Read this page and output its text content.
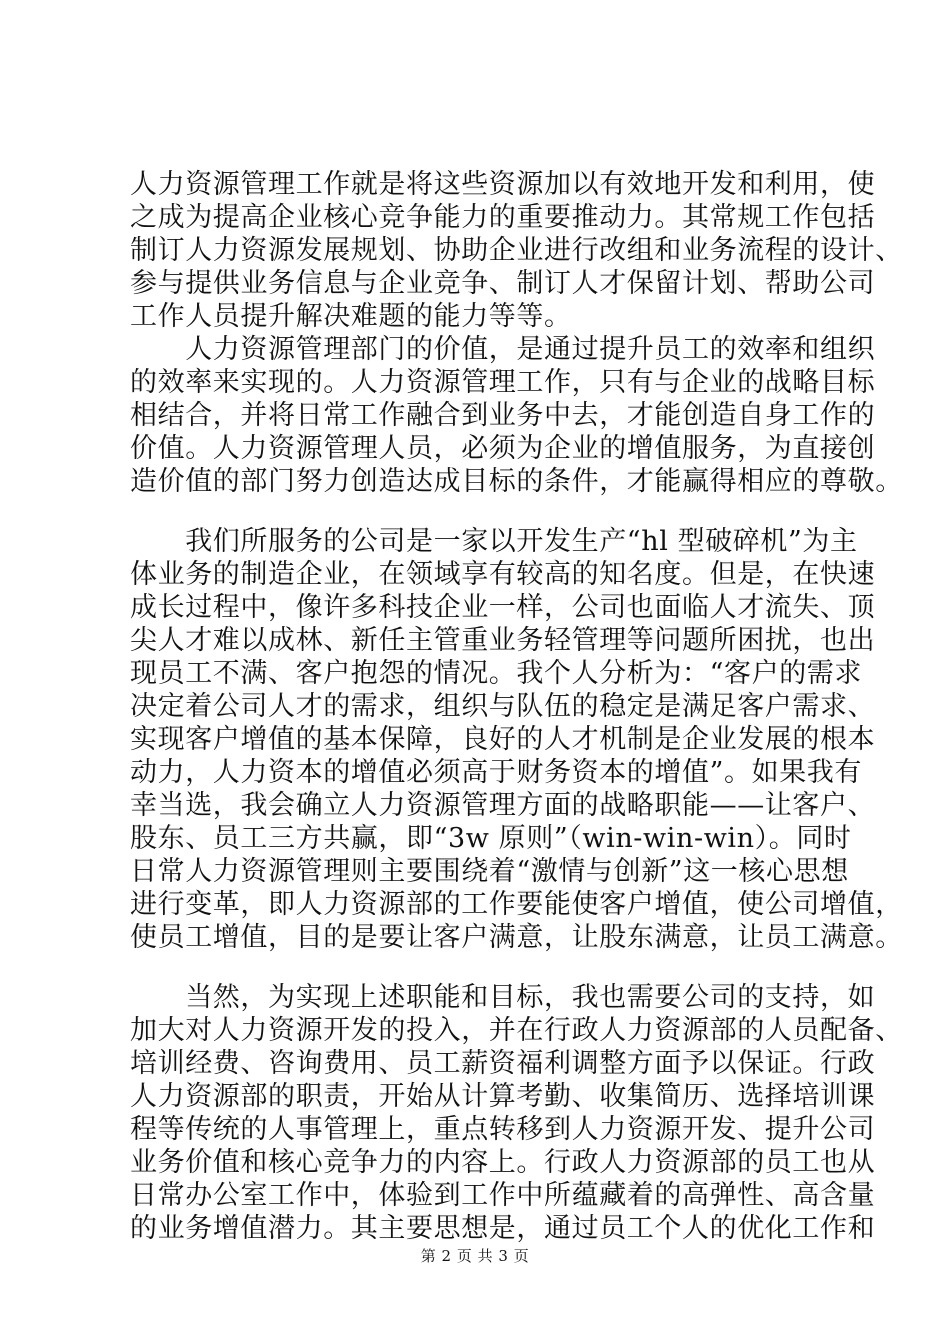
人力资源管理工作就是将这些资源加以有效地开发和利用，使
之成为提高企业核心竞争能力的重要推动力。其常规工作包括
制订人力资源发展规划、协助企业进行改组和业务流程的设计、
参与提供业务信息与企业竞争、制订人才保留计划、帮助公司
工作人员提升解决难题的能力等等。
　　人力资源管理部门的价值，是通过提升员工的效率和组织
的效率来实现的。人力资源管理工作，只有与企业的战略目标
相结合，并将日常工作融合到业务中去，才能创造自身工作的
价值。人力资源管理人员，必须为企业的增值服务，为直接创
造价值的部门努力创造达成目标的条件，才能赢得相应的尊敬。
　　我们所服务的公司是一家以开发生产“hl 型破碎机”为主
体业务的制造企业，在领域享有较高的知名度。但是，在快速
成长过程中，像许多科技企业一样，公司也面临人才流失、顶
尖人才难以成林、新任主管重业务轻管理等问题所困扰，也出
现员工不满、客户抱怨的情况。我个人分析为：“客户的需求
决定着公司人才的需求，组织与队伍的稳定是满足客户需求、
实现客户增值的基本保障，良好的人才机制是企业发展的根本
动力，人力资本的增值必须高于财务资本的增值”。如果我有
幸当选，我会确立人力资源管理方面的战略职能——让客户、
股东、员工三方共赢，即“3w 原则”（win-win-win）。同时
日常人力资源管理则主要围绕着“激情与创新”这一核心思想
进行变革，即人力资源部的工作要能使客户增值，使公司增值，
使员工增值，目的是要让客户满意，让股东满意，让员工满意。
　　当然，为实现上述职能和目标，我也需要公司的支持，如
加大对人力资源开发的投入，并在行政人力资源部的人员配备、
培训经费、咨询费用、员工薪资福利调整方面予以保证。行政
人力资源部的职责，开始从计算考勤、收集简历、选择培训课
程等传统的人事管理上，重点转移到人力资源开发、提升公司
业务价值和核心竞争力的内容上。行政人力资源部的员工也从
日常办公室工作中，体验到工作中所蕴藏着的高弹性、高含量
的业务增值潜力。其主要思想是，通过员工个人的优化工作和
第 2 页 共 3 页
